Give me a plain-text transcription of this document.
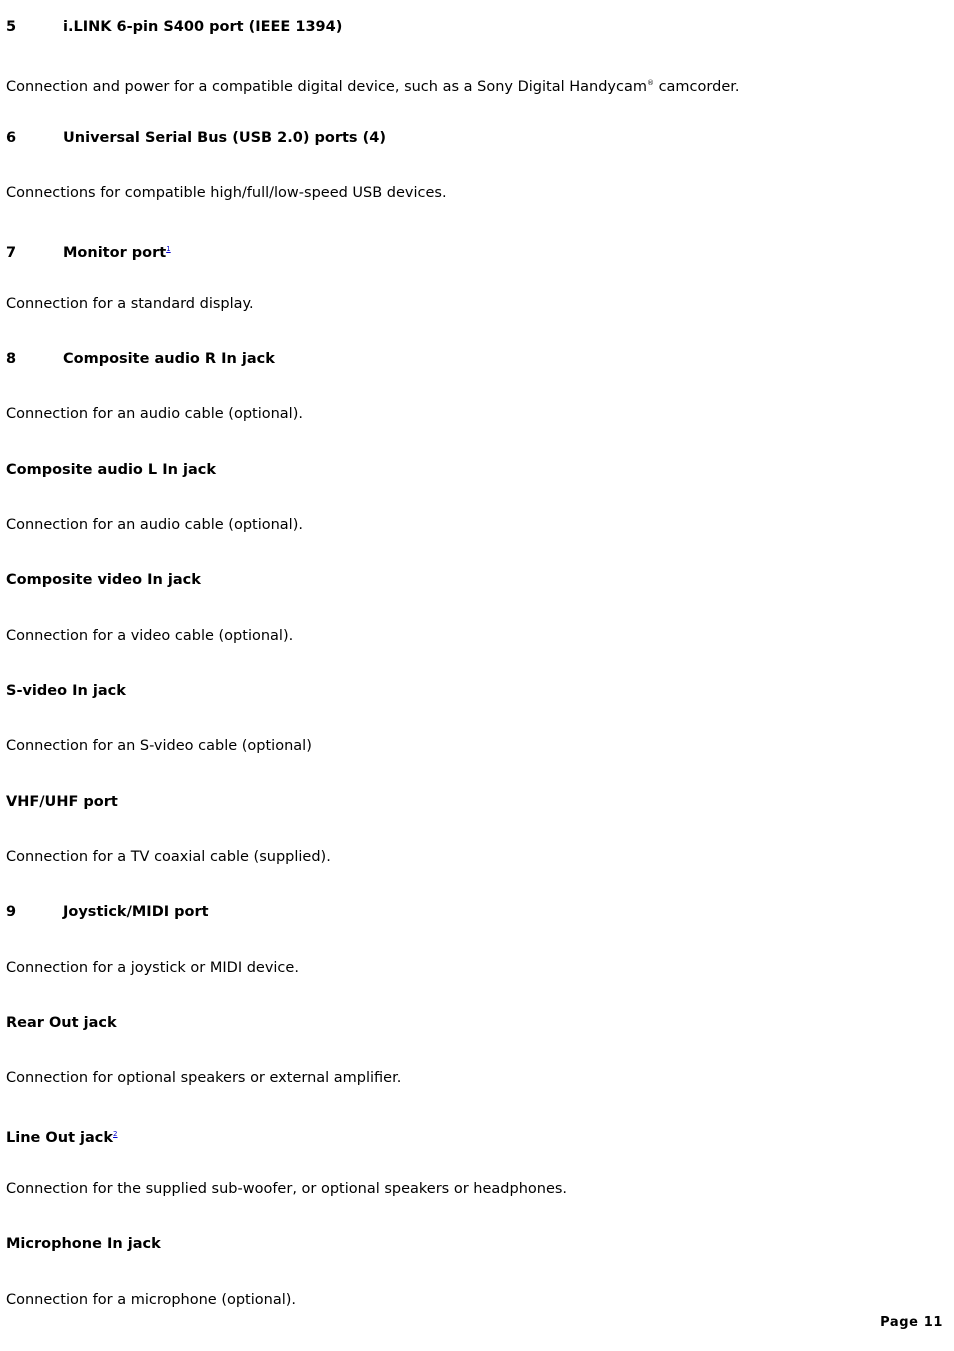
5	i.LINK 6-pin S400 port (IEEE 1394)
Connection and power for a compatible digital device, such as a Sony Digital Handycam® camcorder.
6	Universal Serial Bus (USB 2.0) ports (4)
Connections for compatible high/full/low-speed USB devices.
7	Monitor port$^1$
Connection for a standard display.
8	Composite audio R In jack
Connection for an audio cable (optional).
Composite audio L In jack
Connection for an audio cable (optional).
Composite video In jack
Connection for a video cable (optional).
S-video In jack
Connection for an S-video cable (optional)
VHF/UHF port
Connection for a TV coaxial cable (supplied).
9	Joystick/MIDI port
Connection for a joystick or MIDI device.
Rear Out jack
Connection for optional speakers or external amplifier.
Line Out jack$^2$
Connection for the supplied sub-woofer, or optional speakers or headphones.
Microphone In jack
Connection for a microphone (optional).
Page 11
